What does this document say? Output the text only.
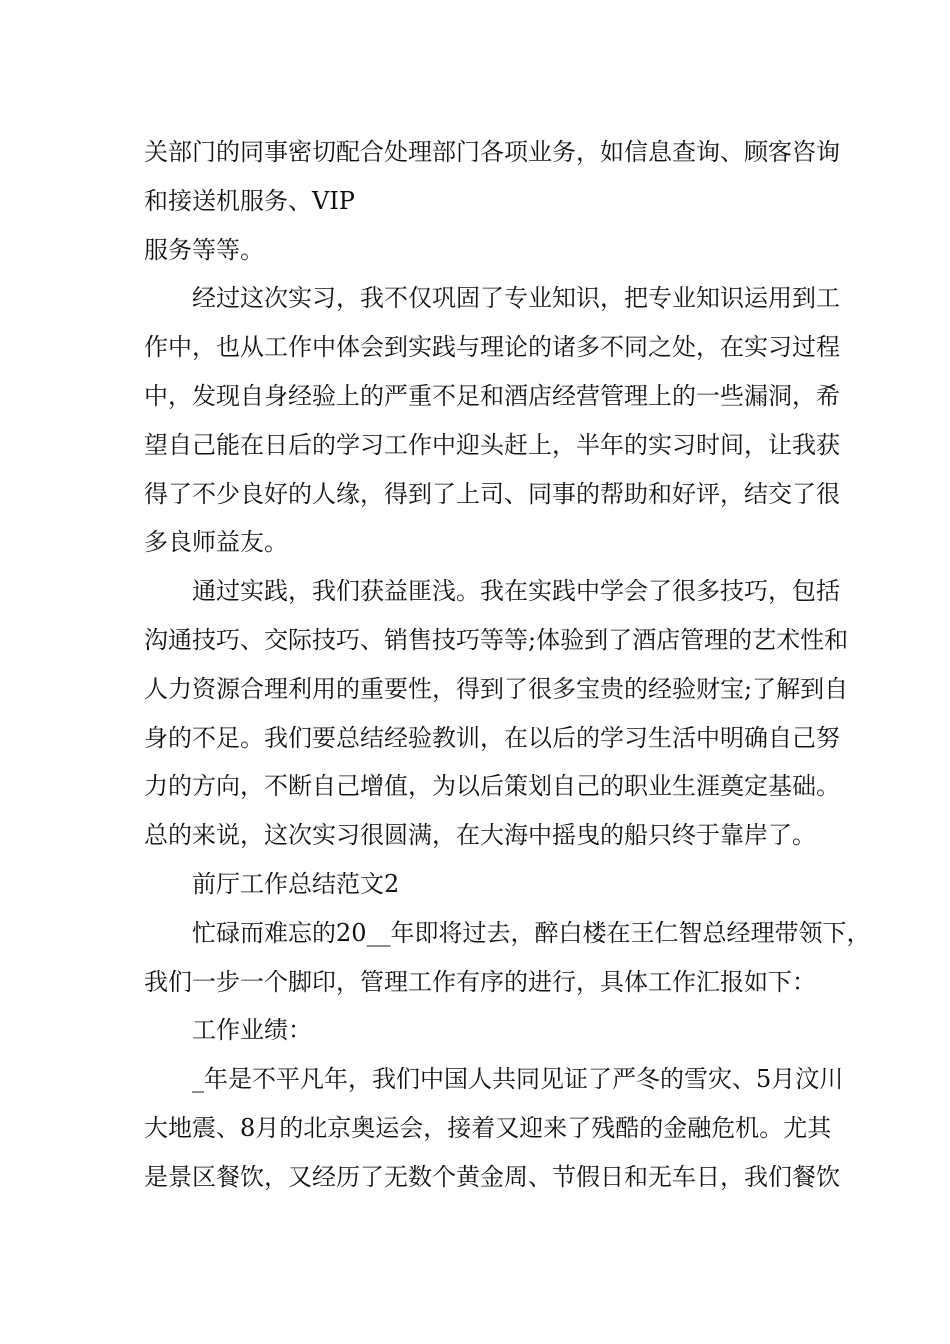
关部门的同事密切配合处理部门各项业务，如信息查询、顾客咨询
和接送机服务、VIP
服务等等。
经过这次实习，我不仅巩固了专业知识，把专业知识运用到工
作中，也从工作中体会到实践与理论的诸多不同之处，在实习过程
中，发现自身经验上的严重不足和酒店经营管理上的一些漏洞，希
望自己能在日后的学习工作中迎头赶上，半年的实习时间，让我获
得了不少良好的人缘，得到了上司、同事的帮助和好评，结交了很
多良师益友。
通过实践，我们获益匪浅。我在实践中学会了很多技巧，包括
沟通技巧、交际技巧、销售技巧等等;体验到了酒店管理的艺术性和
人力资源合理利用的重要性，得到了很多宝贵的经验财宝;了解到自
身的不足。我们要总结经验教训，在以后的学习生活中明确自己努
力的方向，不断自己增值，为以后策划自己的职业生涯奠定基础。
总的来说，这次实习很圆满，在大海中摇曳的船只终于靠岸了。
前厅工作总结范文2
忙碌而难忘的20__年即将过去，醉白楼在王仁智总经理带领下，
我们一步一个脚印，管理工作有序的进行，具体工作汇报如下：
工作业绩：
_年是不平凡年，我们中国人共同见证了严冬的雪灾、5月汶川
大地震、8月的北京奥运会，接着又迎来了残酷的金融危机。尤其
是景区餐饮，又经历了无数个黄金周、节假日和无车日，我们餐饮
